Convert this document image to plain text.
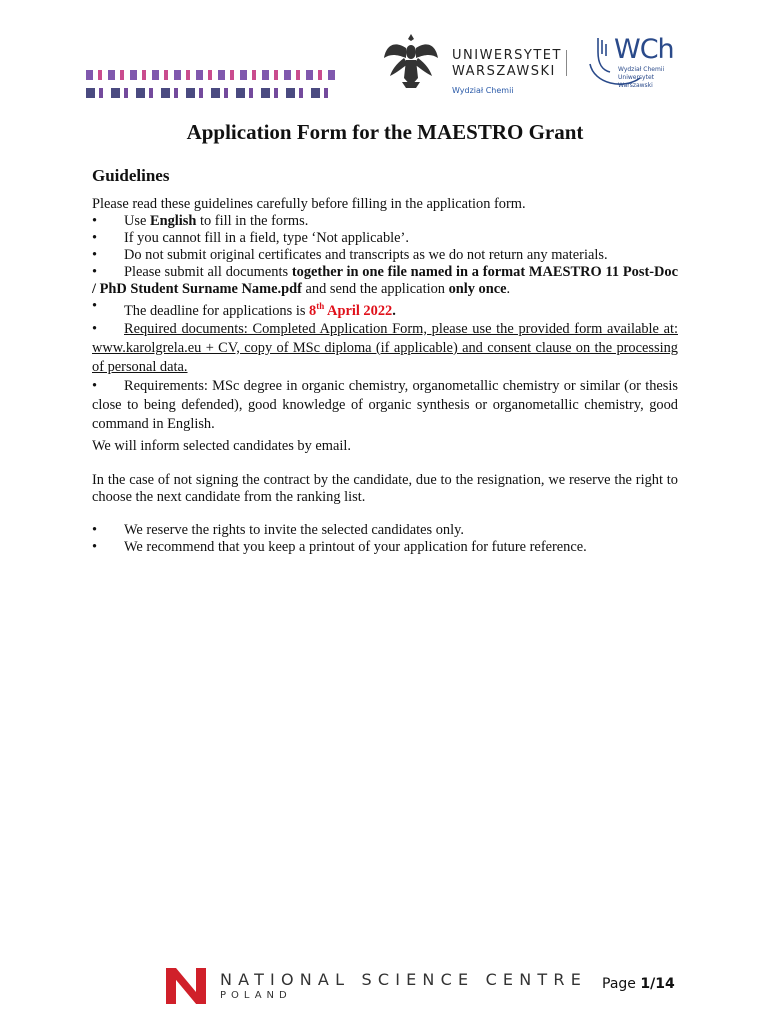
UNIWERSYTET
WARSZAWSKI
Wydział Chemii
WCh
Wydział Chemii
Uniwersytet Warszawski
Application Form for the MAESTRO Grant
Guidelines

Please read these guidelines carefully before filling in the application form.

• Use English to fill in the forms.

• If you cannot fill in a field, type ‘Not applicable’.

• Do not submit original certificates and transcripts as we do not return any materials.

• Please submit all documents together in one file named in a format MAESTRO 11 Post-Doc / PhD Student Surname Name.pdf and send the application only once.

• The deadline for applications is 8th April 2022.

• Required documents: Completed Application Form, please use the provided form available at: www.karolgrela.eu + CV, copy of MSc diploma (if applicable) and consent clause on the processing of personal data.

• Requirements: MSc degree in organic chemistry, organometallic chemistry or similar (or thesis close to being defended), good knowledge of organic synthesis or organometallic chemistry, good command in English.

We will inform selected candidates by email.

In the case of not signing the contract by the candidate, due to the resignation, we reserve the right to choose the next candidate from the ranking list.

• We reserve the rights to invite the selected candidates only.

• We recommend that you keep a printout of your application for future reference.

NATIONAL SCIENCE CENTRE
POLAND
Page 1/14
